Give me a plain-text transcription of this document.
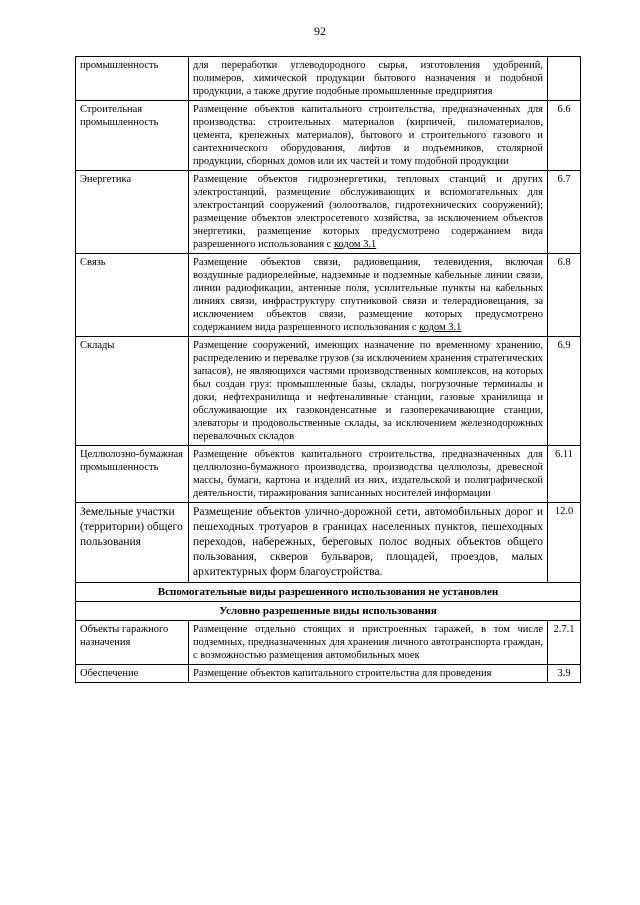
92
промышленность	для переработки углеводородного сырья, изготовления удобрений, полимеров, химической продукции бытового назначения и подобной продукции, а также другие подобные промышленные предприятия	
Строительная промышленность	Размещение объектов капитального строительства, предназначенных для производства: строительных материалов (кирпичей, пиломатериалов, цемента, крепежных материалов), бытового и строительного газового и сантехнического оборудования, лифтов и подъемников, столярной продукции, сборных домов или их частей и тому подобной продукции	6.6
Энергетика	Размещение объектов гидроэнергетики, тепловых станций и других электростанций, размещение обслуживающих и вспомогательных для электростанций сооружений (золоотвалов, гидротехнических сооружений); размещение объектов электросетевого хозяйства, за исключением объектов энергетики, размещение которых предусмотрено содержанием вида разрешенного использования с кодом 3.1	6.7
Связь	Размещение объектов связи, радиовещания, телевидения, включая воздушные радиорелейные, надземные и подземные кабельные линии связи, линии радиофикации, антенные поля, усилительные пункты на кабельных линиях связи, инфраструктуру спутниковой связи и телерадиовещания, за исключением объектов связи, размещение которых предусмотрено содержанием вида разрешенного использования с кодом 3.1	6.8
Склады	Размещение сооружений, имеющих назначение по временному хранению, распределению и перевалке грузов (за исключением хранения стратегических запасов), не являющихся частями производственных комплексов, на которых был создан груз: промышленные базы, склады, погрузочные терминалы и доки, нефтехранилища и нефтеналивные станции, газовые хранилища и обслуживающие их газоконденсатные и газоперекачивающие станции, элеваторы и продовольственные склады, за исключением железнодорожных перевалочных складов	6.9
Целлюлозно-бумажная промышленность	Размещение объектов капитального строительства, предназначенных для целлюлозно-бумажного производства, производства целлюлозы, древесной массы, бумаги, картона и изделий из них, издательской и полиграфической деятельности, тиражирования записанных носителей информации	6.11
Земельные участки (территории) общего пользования	Размещение объектов улично-дорожной сети, автомобильных дорог и пешеходных тротуаров в границах населенных пунктов, пешеходных переходов, набережных, береговых полос водных объектов общего пользования, скверов бульваров, площадей, проездов, малых архитектурных форм благоустройства.	12.0
Вспомогательные виды разрешенного использования не установлен		
Условно разрешенные виды использования		
Объекты гаражного назначения	Размещение отдельно стоящих и пристроенных гаражей, в том числе подземных, предназначенных для хранения личного автотранспорта граждан, с возможностью размещения автомобильных моек	2.7.1
Обеспечение	Размещение объектов капитального строительства для проведения	3.9
